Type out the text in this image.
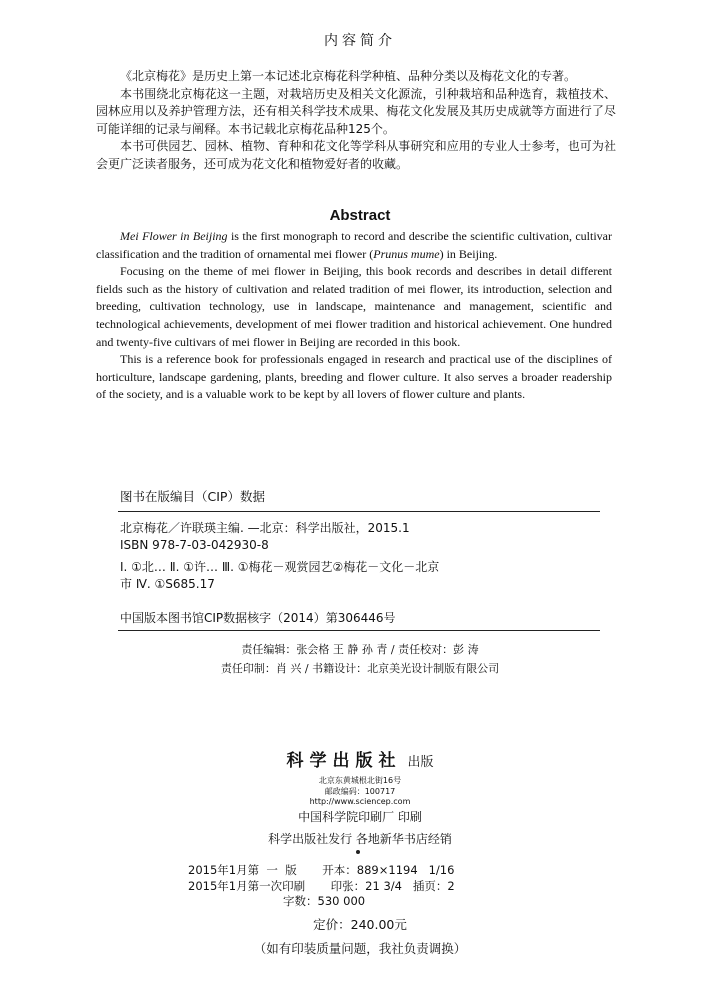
内容简介

《北京梅花》是历史上第一本记述北京梅花科学种植、品种分类以及梅花文化的专著。

本书围绕北京梅花这一主题，对栽培历史及相关文化源流，引种栽培和品种选育，栽植技术、园林应用以及养护管理方法，还有相关科学技术成果、梅花文化发展及其历史成就等方面进行了尽可能详细的记录与阐释。本书记载北京梅花品种125个。

本书可供园艺、园林、植物、育种和花文化等学科从事研究和应用的专业人士参考，也可为社会更广泛读者服务，还可成为花文化和植物爱好者的收藏。

Abstract

Mei Flower in Beijing is the first monograph to record and describe the scientific cultivation, cultivar classification and the tradition of ornamental mei flower (Prunus mume) in Beijing.

Focusing on the theme of mei flower in Beijing, this book records and describes in detail different fields such as the history of cultivation and related tradition of mei flower, its introduction, selection and breeding, cultivation technology, use in landscape, maintenance and management, scientific and technological achievements, development of mei flower tradition and historical achievement. One hundred and twenty-five cultivars of mei flower in Beijing are recorded in this book.

This is a reference book for professionals engaged in research and practical use of the disciplines of horticulture, landscape gardening, plants, breeding and flower culture. It also serves a broader readership of the society, and is a valuable work to be kept by all lovers of flower culture and plants.

图书在版编目（CIP）数据
北京梅花／许联瑛主编. —北京：科学出版社，2015.1
ISBN 978-7-03-042930-8
Ⅰ. ①北… Ⅱ. ①许… Ⅲ. ①梅花－观赏园艺②梅花－文化－北京
市 Ⅳ. ①S685.17
中国版本图书馆CIP数据核字（2014）第306446号
责任编辑：张会格 王 静 孙 青 / 责任校对：彭 涛
责任印制：肖 兴 / 书籍设计：北京美光设计制版有限公司
科学出版社 出版
北京东黄城根北街16号
邮政编码：100717
http://www.sciencep.com
中国科学院印刷厂 印刷
科学出版社发行 各地新华书店经销
2015年1月第  一  版       开本：889×1194   1/16
2015年1月第一次印刷       印张：21 3/4   插页：2
字数：530 000
定价：240.00元
（如有印装质量问题，我社负责调换）
